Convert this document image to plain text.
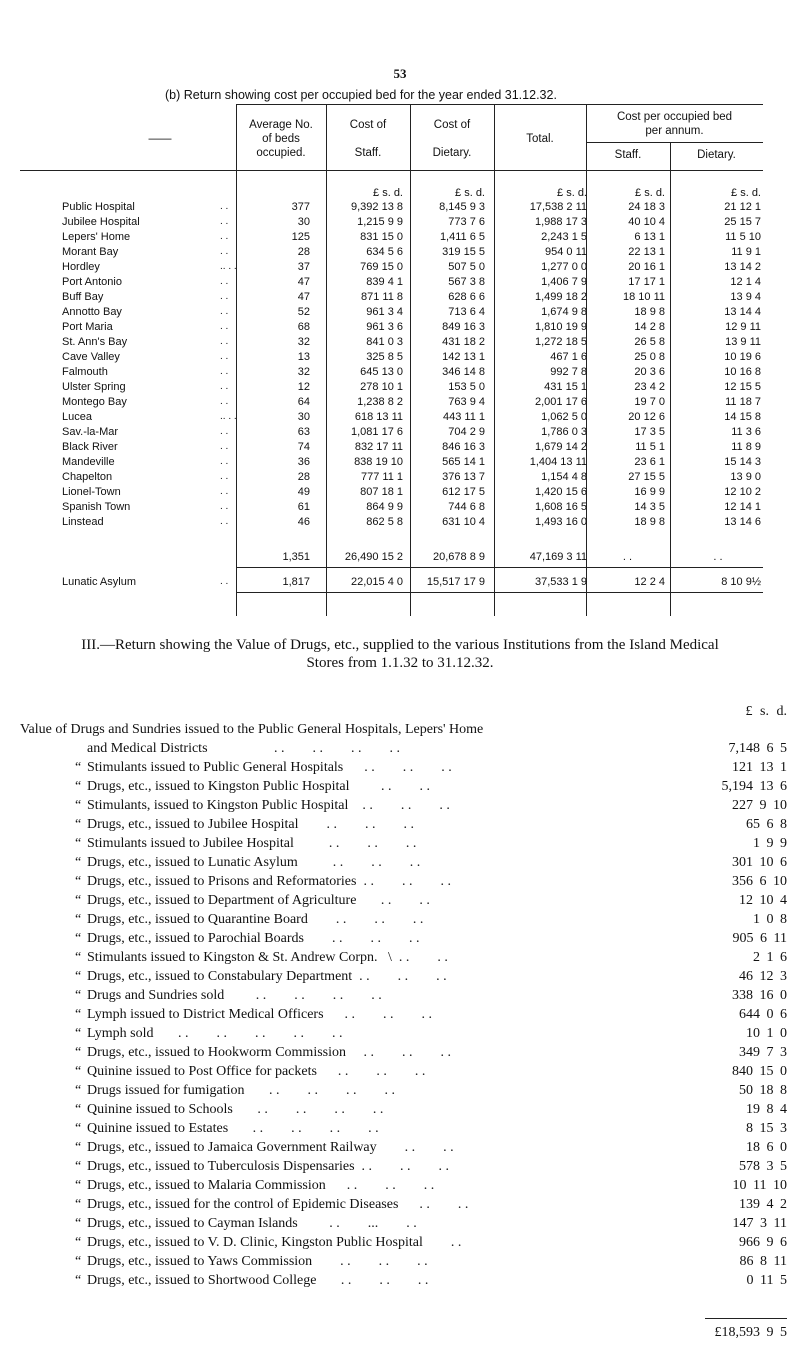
53
(b) Return showing cost per occupied bed for the year ended 31.12.32.
——
Average No.
of beds
occupied.
Cost of
Staff.
Cost of
Dietary.
Total.
Cost per occupied bed
per annum.
Staff.	Dietary.
£ s. d.	£ s. d.	£ s. d.	£ s. d.	£ s. d.
Public Hospital	. .	377	9,392 13 8	8,145 9 3	17,538 2 11	24 18 3	21 12 1
Jubilee Hospital	. .	30	1,215 9 9	773 7 6	1,988 17 3	40 10 4	25 15 7
Lepers' Home	. .	125	831 15 0	1,411 6 5	2,243 1 5	6 13 1	11 5 10
Morant Bay	. .	28	634 5 6	319 15 5	954 0 11	22 13 1	11 9 1
Hordley	.. . .	37	769 15 0	507 5 0	1,277 0 0	20 16 1	13 14 2
Port Antonio	. .	47	839 4 1	567 3 8	1,406 7 9	17 17 1	12 1 4
Buff Bay	. .	47	871 11 8	628 6 6	1,499 18 2	18 10 11	13 9 4
Annotto Bay	. .	52	961 3 4	713 6 4	1,674 9 8	18 9 8	13 14 4
Port Maria	. .	68	961 3 6	849 16 3	1,810 19 9	14 2 8	12 9 11
St. Ann's Bay	. .	32	841 0 3	431 18 2	1,272 18 5	26 5 8	13 9 11
Cave Valley	. .	13	325 8 5	142 13 1	467 1 6	25 0 8	10 19 6
Falmouth	. .	32	645 13 0	346 14 8	992 7 8	20 3 6	10 16 8
Ulster Spring	. .	12	278 10 1	153 5 0	431 15 1	23 4 2	12 15 5
Montego Bay	. .	64	1,238 8 2	763 9 4	2,001 17 6	19 7 0	11 18 7
Lucea	.. . .	30	618 13 11	443 11 1	1,062 5 0	20 12 6	14 15 8
Sav.-la-Mar	. .	63	1,081 17 6	704 2 9	1,786 0 3	17 3 5	11 3 6
Black River	. .	74	832 17 11	846 16 3	1,679 14 2	11 5 1	11 8 9
Mandeville	. .	36	838 19 10	565 14 1	1,404 13 11	23 6 1	15 14 3
Chapelton	. .	28	777 11 1	376 13 7	1,154 4 8	27 15 5	13 9 0
Lionel-Town	. .	49	807 18 1	612 17 5	1,420 15 6	16 9 9	12 10 2
Spanish Town	. .	61	864 9 9	744 6 8	1,608 16 5	14 3 5	12 14 1
Linstead	. .	46	862 5 8	631 10 4	1,493 16 0	18 9 8	13 14 6
1,351	26,490 15 2	20,678 8 9	47,169 3 11	. .	. .
Lunatic Asylum	. .	1,817	22,015 4 0	15,517 17 9	37,533 1 9	12 2 4	8 10 9½
III.—Return showing the Value of Drugs, etc., supplied to the various Institutions from the Island Medical
Stores from 1.1.32 to 31.12.32.
£ s. d.
Value of Drugs and Sundries issued to the Public General Hospitals, Lepers' Home
and Medical Districts                   . .        . .        . .        . .	7,148 6 5
“ Stimulants issued to Public General Hospitals      . .        . .        . .	121 13 1
“ Drugs, etc., issued to Kingston Public Hospital         . .        . .	5,194 13 6
“ Stimulants, issued to Kingston Public Hospital    . .        . .        . .	227 9 10
“ Drugs, etc., issued to Jubilee Hospital        . .        . .        . .	65 6 8
“ Stimulants issued to Jubilee Hospital          . .        . .        . .	1 9 9
“ Drugs, etc., issued to Lunatic Asylum          . .        . .        . .	301 10 6
“ Drugs, etc., issued to Prisons and Reformatories  . .        . .        . .	356 6 10
“ Drugs, etc., issued to Department of Agriculture       . .        . .	12 10 4
“ Drugs, etc., issued to Quarantine Board        . .        . .        . .	1 0 8
“ Drugs, etc., issued to Parochial Boards        . .        . .        . .	905 6 11
“ Stimulants issued to Kingston & St. Andrew Corpn.   \  . .        . .	2 1 6
“ Drugs, etc., issued to Constabulary Department  . .        . .        . .	46 12 3
“ Drugs and Sundries sold         . .        . .        . .        . .	338 16 0
“ Lymph issued to District Medical Officers      . .        . .        . .	644 0 6
“ Lymph sold       . .        . .        . .        . .        . .	10 1 0
“ Drugs, etc., issued to Hookworm Commission     . .        . .        . .	349 7 3
“ Quinine issued to Post Office for packets      . .        . .        . .	840 15 0
“ Drugs issued for fumigation       . .        . .        . .        . .	50 18 8
“ Quinine issued to Schools       . .        . .        . .        . .	19 8 4
“ Quinine issued to Estates       . .        . .        . .        . .	8 15 3
“ Drugs, etc., issued to Jamaica Government Railway        . .        . .	18 6 0
“ Drugs, etc., issued to Tuberculosis Dispensaries  . .        . .        . .	578 3 5
“ Drugs, etc., issued to Malaria Commission      . .        . .        . .	10 11 10
“ Drugs, etc., issued for the control of Epidemic Diseases      . .        . .	139 4 2
“ Drugs, etc., issued to Cayman Islands         . .        ...        . .	147 3 11
“ Drugs, etc., issued to V. D. Clinic, Kingston Public Hospital        . .	966 9 6
“ Drugs, etc., issued to Yaws Commission        . .        . .        . .	86 8 11
“ Drugs, etc., issued to Shortwood College       . .        . .        . .	0 11 5
£18,593 9 5
